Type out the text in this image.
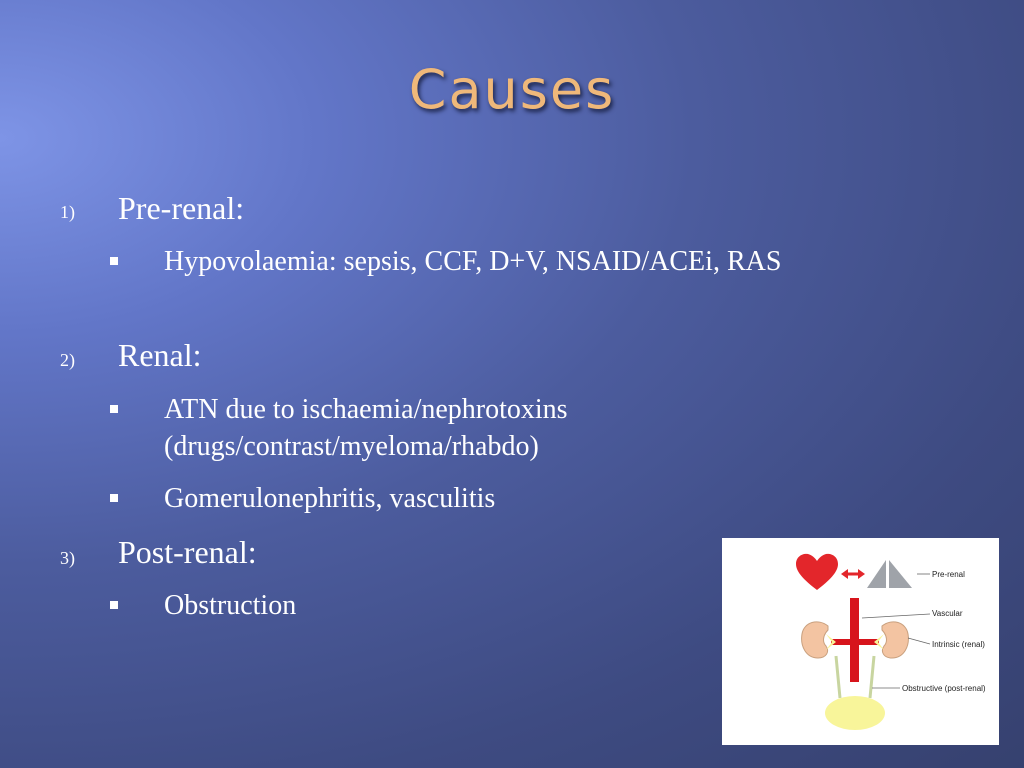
Causes
1) Pre-renal:
Hypovolaemia: sepsis, CCF, D+V, NSAID/ACEi, RAS
2) Renal:
ATN due to ischaemia/nephrotoxins (drugs/contrast/myeloma/rhabdo)
Gomerulonephritis, vasculitis
3) Post-renal:
Obstruction
Pre-renal
Vascular
Intrinsic (renal)
Obstructive (post-renal)
